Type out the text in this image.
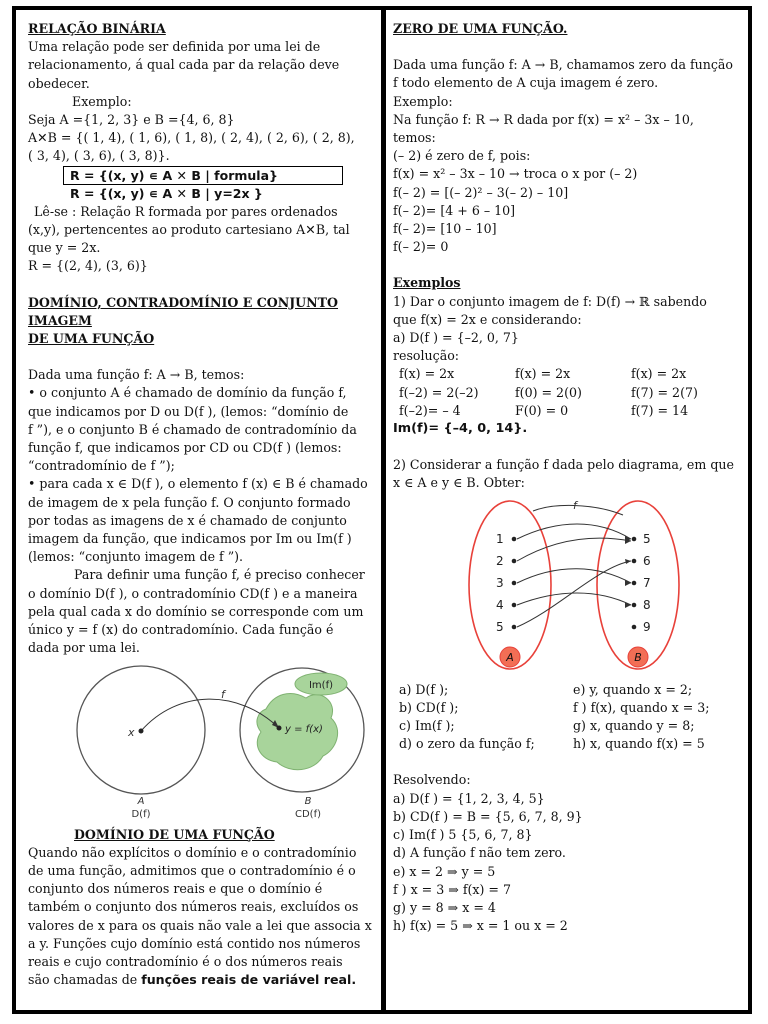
RELAÇÃO BINÁRIA

Uma relação pode ser definida por uma lei de

relacionamento, á qual cada par da relação deve

obedecer.

Exemplo:

Seja A ={1, 2, 3} e B ={4, 6, 8}

A✕B = {( 1, 4), ( 1, 6), ( 1, 8), ( 2, 4), ( 2, 6), ( 2, 8),

( 3, 4), ( 3, 6), ( 3, 8)}.

R = {(x, y) ∊ A ✕ B | formula}

R = {(x, y) ∊ A ✕ B | y=2x }

Lê-se : Relação R formada por pares ordenados

(x,y), pertencentes ao produto cartesiano A✕B, tal

que y = 2x.

R = {(2, 4), (3, 6)}

DOMÍNIO, CONTRADOMÍNIO E CONJUNTO IMAGEM

DE UMA FUNÇÃO

Dada uma função f: A → B, temos:

• o conjunto A é chamado de domínio da função f,

que indicamos por D ou D(f ), (lemos: “domínio de

f ”), e o conjunto B é chamado de contradomínio da

função f, que indicamos por CD ou CD(f ) (lemos:

“contradomínio de f ”);

• para cada x ∈ D(f ), o elemento f (x) ∈ B é chamado

de imagem de x pela função f. O conjunto formado

por todas as imagens de x é chamado de conjunto

imagem da função, que indicamos por Im ou Im(f )

(lemos: “conjunto imagem de f ”).

Para definir uma função f, é preciso conhecer

o domínio D(f ), o contradomínio CD(f ) e a maneira

pela qual cada x do domínio se corresponde com um

único y = f (x) do contradomínio. Cada função é

dada por uma lei.

Im(f)
f
x	y = f(x)
A
D(f)
B
CD(f)

DOMÍNIO DE UMA FUNÇÃO

Quando não explícitos o domínio e o contradomínio

de uma função, admitimos que o contradomínio é o

conjunto dos números reais e que o domínio é

também o conjunto dos números reais, excluídos os

valores de x para os quais não vale a lei que associa x

a y. Funções cujo domínio está contido nos números

reais e cujo contradomínio é o dos números reais

são chamadas de funções reais de variável real.

ZERO DE UMA FUNÇÃO.

Dada uma função f: A → B, chamamos zero da função

f todo elemento de A cuja imagem é zero.

Exemplo:

Na função f: R → R dada por f(x) = x² – 3x – 10,

temos:

(– 2) é zero de f, pois:

f(x) = x² – 3x – 10 → troca o x por (– 2)

f(– 2) = [(– 2)² – 3(– 2) – 10]

f(– 2)= [4 + 6 – 10]

f(– 2)= [10 – 10]

f(– 2)= 0

Exemplos

1) Dar o conjunto imagem de f: D(f) → ℝ sabendo

que f(x) = 2x e considerando:

a) D(f ) = {–2, 0, 7}

resolução:

f(x) = 2x	f(x) = 2x	f(x) = 2x
f(–2) = 2(–2)	f(0) = 2(0)	f(7) = 2(7)
f(–2)= – 4	F(0) = 0	f(7) = 14

Im(f)= {–4, 0, 14}.

2) Considerar a função f dada pelo diagrama, em que

x ∈ A e y ∈ B. Obter:

f
1
2
3
4
5
5
6
7
8
9
A	B
a) D(f );	e) y, quando x = 2;
b) CD(f );	f ) f(x), quando x = 3;
c) Im(f );	g) x, quando y = 8;
d) o zero da função f;	h) x, quando f(x) = 5

Resolvendo:

a) D(f ) = {1, 2, 3, 4, 5}

b) CD(f ) = B = {5, 6, 7, 8, 9}

c) Im(f ) 5 {5, 6, 7, 8}

d) A função f não tem zero.

e) x = 2 ⇒ y = 5

f ) x = 3 ⇒ f(x) = 7

g) y = 8 ⇒ x = 4

h) f(x) = 5 ⇒ x = 1 ou x = 2
